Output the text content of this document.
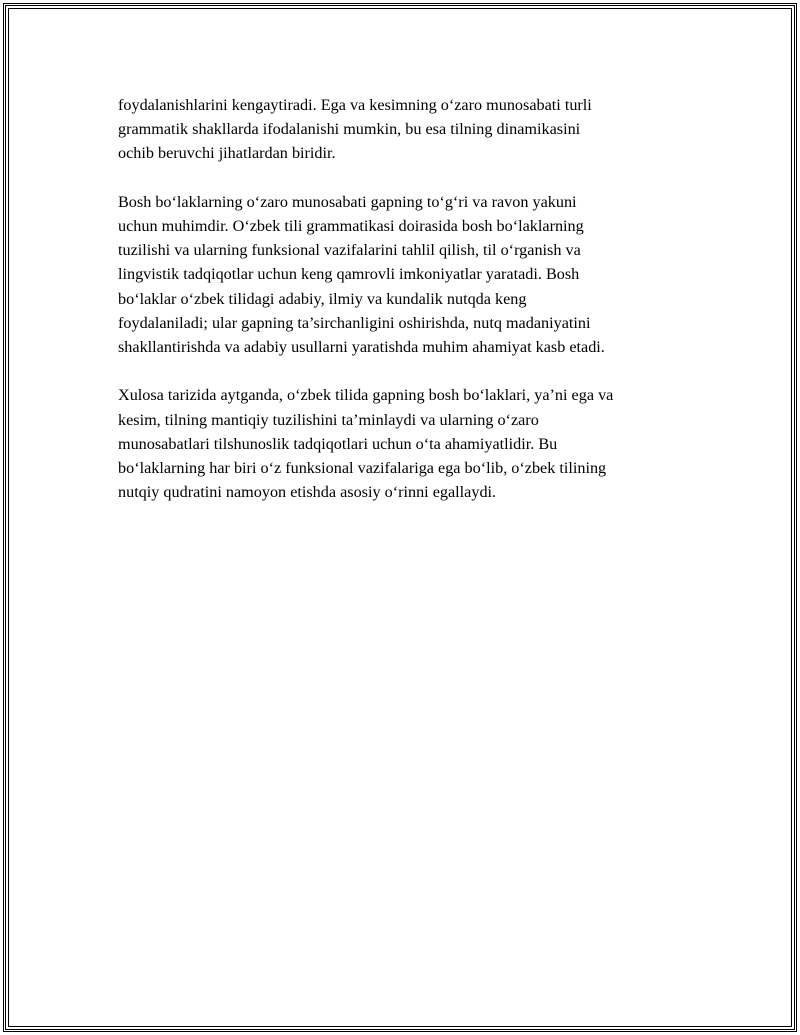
foydalanishlarini kengaytiradi. Ega va kesimning o‘zaro munosabati turli
grammatik shakllarda ifodalanishi mumkin, bu esa tilning dinamikasini
ochib beruvchi jihatlardan biridir.

Bosh bo‘laklarning o‘zaro munosabati gapning to‘g‘ri va ravon yakuni
uchun muhimdir. O‘zbek tili grammatikasi doirasida bosh bo‘laklarning
tuzilishi va ularning funksional vazifalarini tahlil qilish, til o‘rganish va
lingvistik tadqiqotlar uchun keng qamrovli imkoniyatlar yaratadi. Bosh
bo‘laklar o‘zbek tilidagi adabiy, ilmiy va kundalik nutqda keng
foydalaniladi; ular gapning ta’sirchanligini oshirishda, nutq madaniyatini
shakllantirishda va adabiy usullarni yaratishda muhim ahamiyat kasb etadi.

Xulosa tarizida aytganda, o‘zbek tilida gapning bosh bo‘laklari, ya’ni ega va
kesim, tilning mantiqiy tuzilishini ta’minlaydi va ularning o‘zaro
munosabatlari tilshunoslik tadqiqotlari uchun o‘ta ahamiyatlidir. Bu
bo‘laklarning har biri o‘z funksional vazifalariga ega bo‘lib, o‘zbek tilining
nutqiy qudratini namoyon etishda asosiy o‘rinni egallaydi.
